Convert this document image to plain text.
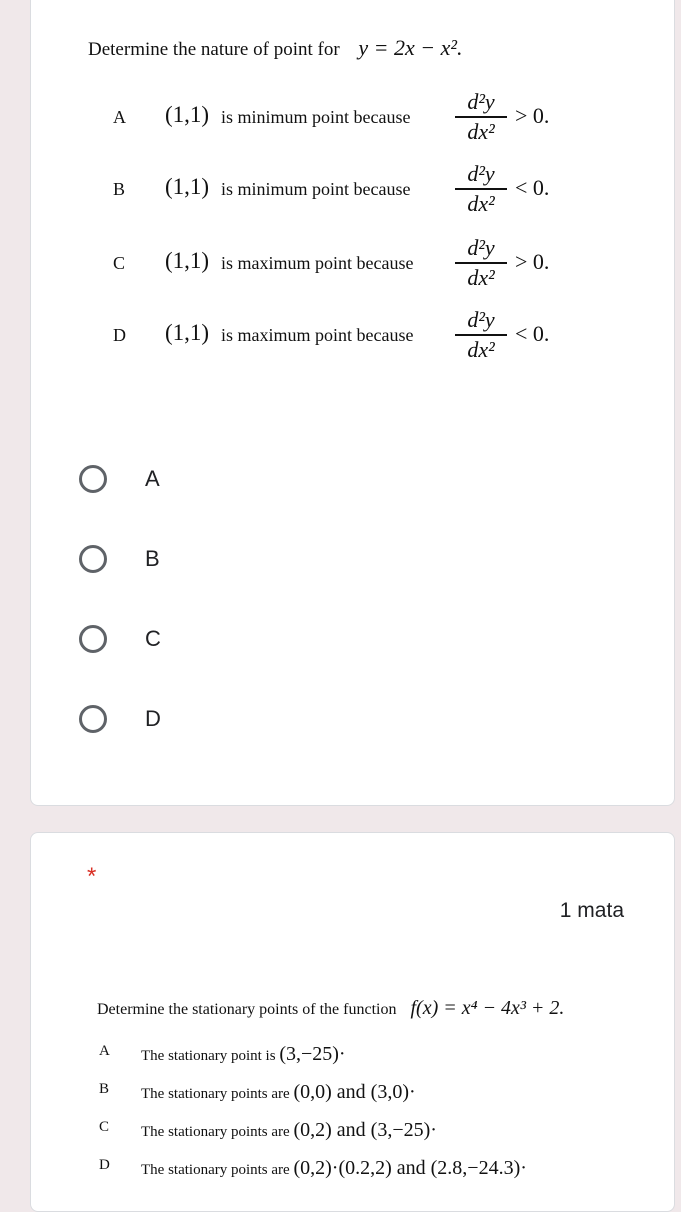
Determine the nature of point for y = 2x − x².
A (1,1) is minimum point because
d²y
dx²
> 0.
B (1,1) is minimum point because
d²y
dx²
< 0.
C (1,1) is maximum point because
d²y
dx²
> 0.
D (1,1) is maximum point because
d²y
dx²
< 0.
A
B
C
D
*
1 mata
Determine the stationary points of the function f(x) = x⁴ − 4x³ + 2.
A The stationary point is (3,−25)·
B The stationary points are (0,0) and (3,0)·
C The stationary points are (0,2) and (3,−25)·
D The stationary points are (0,2)·(0.2,2) and (2.8,−24.3)·
